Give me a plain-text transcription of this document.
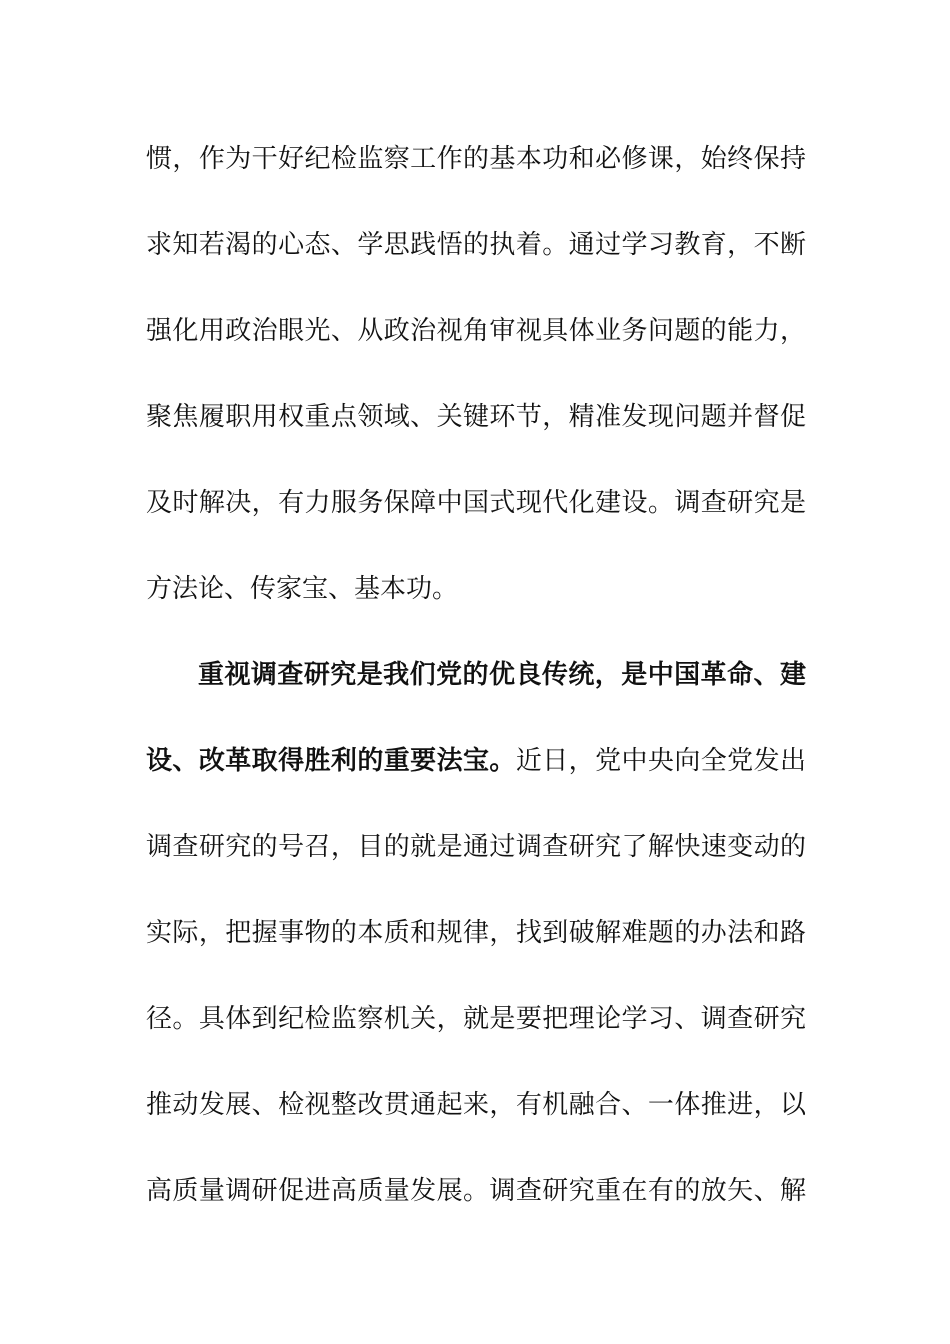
惯，作为干好纪检监察工作的基本功和必修课，始终保持
求知若渴的心态、学思践悟的执着。通过学习教育，不断
强化用政治眼光、从政治视角审视具体业务问题的能力，
聚焦履职用权重点领域、关键环节，精准发现问题并督促
及时解决，有力服务保障中国式现代化建设。调查研究是
方法论、传家宝、基本功。
重视调查研究是我们党的优良传统，是中国革命、建
设、改革取得胜利的重要法宝。近日，党中央向全党发出
调查研究的号召，目的就是通过调查研究了解快速变动的
实际，把握事物的本质和规律，找到破解难题的办法和路
径。具体到纪检监察机关，就是要把理论学习、调查研究
推动发展、检视整改贯通起来，有机融合、一体推进，以
高质量调研促进高质量发展。调查研究重在有的放矢、解
